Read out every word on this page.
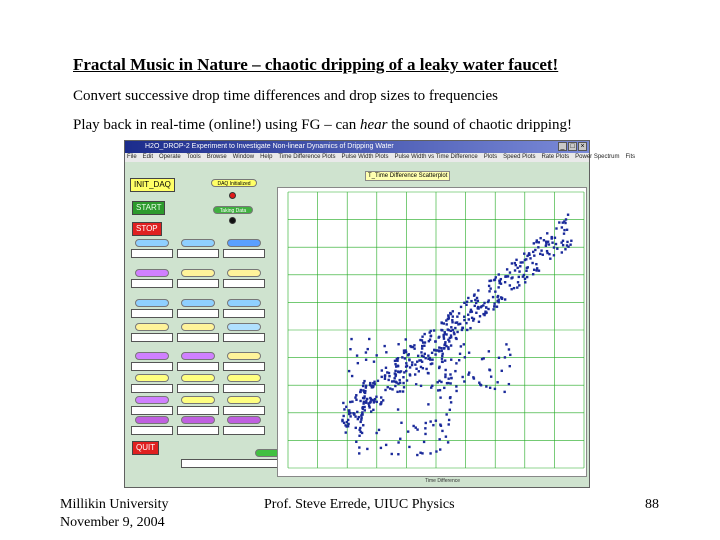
Fractal Music in Nature – chaotic dripping of a leaky water faucet!
Convert successive drop time differences and drop sizes to frequencies
Play back in real-time (online!) using FG – can hear the sound of chaotic dripping!
H2O_DROP-2 Experiment to Investigate Non-linear Dynamics of Dripping Water	_ □ ×
File Edit Operate Tools Browse Window Help Time Difference Plots Pulse Width Plots Pulse Width vs Time Difference Plots Speed Plots Rate Plots Power Spectrum Fits
INIT_DAQ
START
STOP
QUIT
DAQ Initialized
Taking Data
T_Time Difference Scatterplot
Time Difference
Millikin University
November 9, 2004
Prof. Steve Errede, UIUC Physics	88
